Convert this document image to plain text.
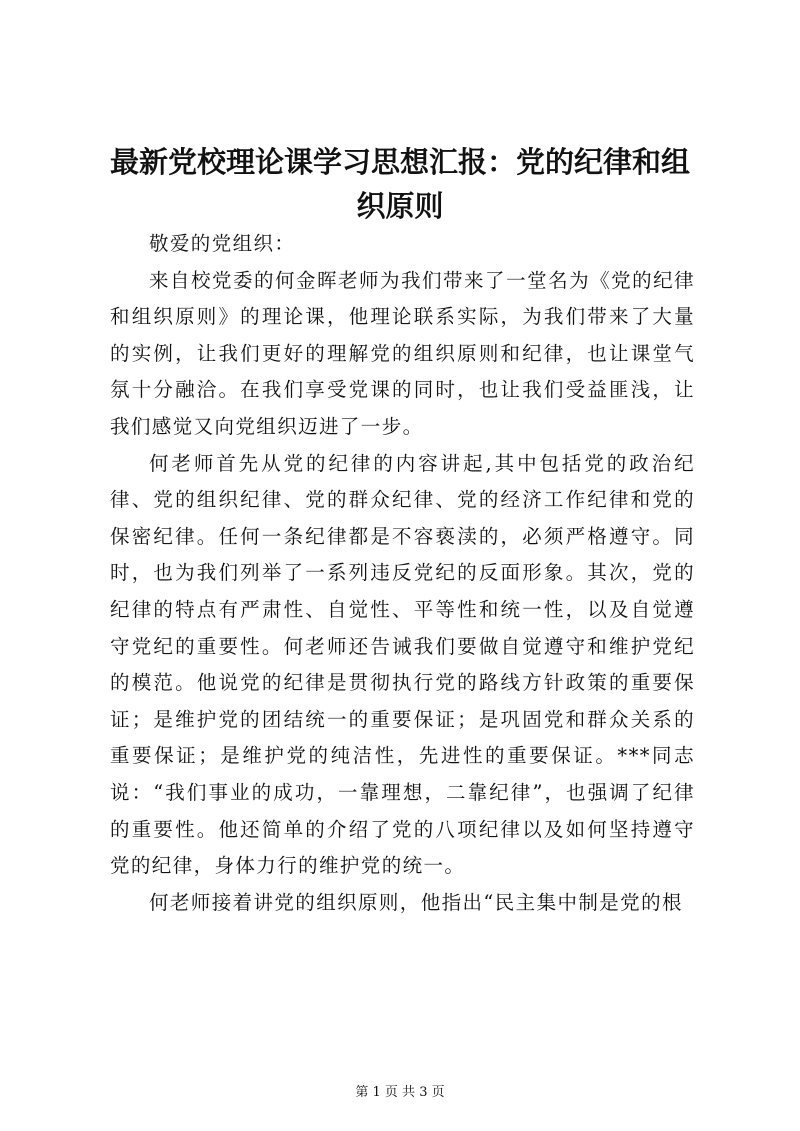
最新党校理论课学习思想汇报：党的纪律和组织原则

敬爱的党组织：

来自校党委的何金晖老师为我们带来了一堂名为《党的纪律和组织原则》的理论课，他理论联系实际，为我们带来了大量的实例，让我们更好的理解党的组织原则和纪律，也让课堂气氛十分融洽。在我们享受党课的同时，也让我们受益匪浅，让我们感觉又向党组织迈进了一步。

何老师首先从党的纪律的内容讲起,其中包括党的政治纪律、党的组织纪律、党的群众纪律、党的经济工作纪律和党的保密纪律。任何一条纪律都是不容亵渎的，必须严格遵守。同时，也为我们列举了一系列违反党纪的反面形象。其次，党的纪律的特点有严肃性、自觉性、平等性和统一性，以及自觉遵守党纪的重要性。何老师还告诫我们要做自觉遵守和维护党纪的模范。他说党的纪律是贯彻执行党的路线方针政策的重要保证；是维护党的团结统一的重要保证；是巩固党和群众关系的重要保证；是维护党的纯洁性，先进性的重要保证。***同志说：“我们事业的成功，一靠理想，二靠纪律”，也强调了纪律的重要性。他还简单的介绍了党的八项纪律以及如何坚持遵守党的纪律，身体力行的维护党的统一。

何老师接着讲党的组织原则，他指出“民主集中制是党的根

第 1 页 共 3 页
